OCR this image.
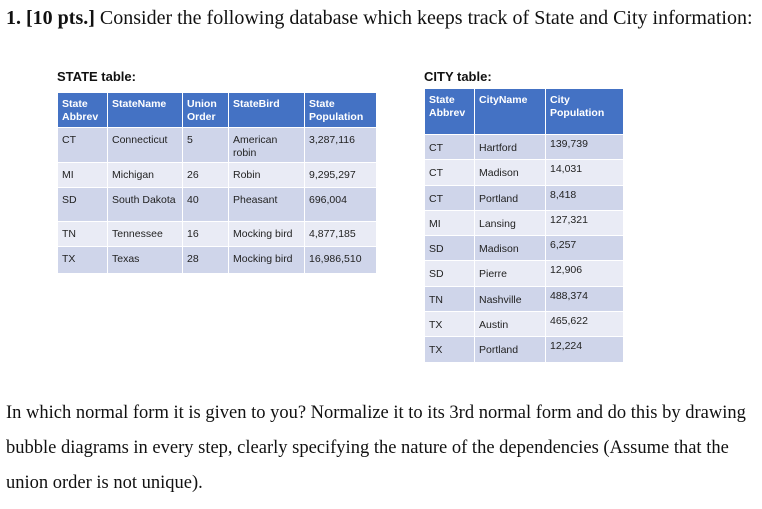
1. [10 pts.] Consider the following database which keeps track of State and City information:
STATE table:
State Abbrev	StateName	Union Order	StateBird	State Population
CT	Connecticut	5	American robin	3,287,116
MI	Michigan	26	Robin	9,295,297
SD	South Dakota	40	Pheasant	696,004
TN	Tennessee	16	Mocking bird	4,877,185
TX	Texas	28	Mocking bird	16,986,510
CITY table:
State Abbrev	CityName	City Population
CT	Hartford	139,739
CT	Madison	14,031
CT	Portland	8,418
MI	Lansing	127,321
SD	Madison	6,257
SD	Pierre	12,906
TN	Nashville	488,374
TX	Austin	465,622
TX	Portland	12,224
In which normal form it is given to you? Normalize it to its 3rd normal form and do this by drawing bubble diagrams in every step, clearly specifying the nature of the dependencies (Assume that the union order is not unique).
